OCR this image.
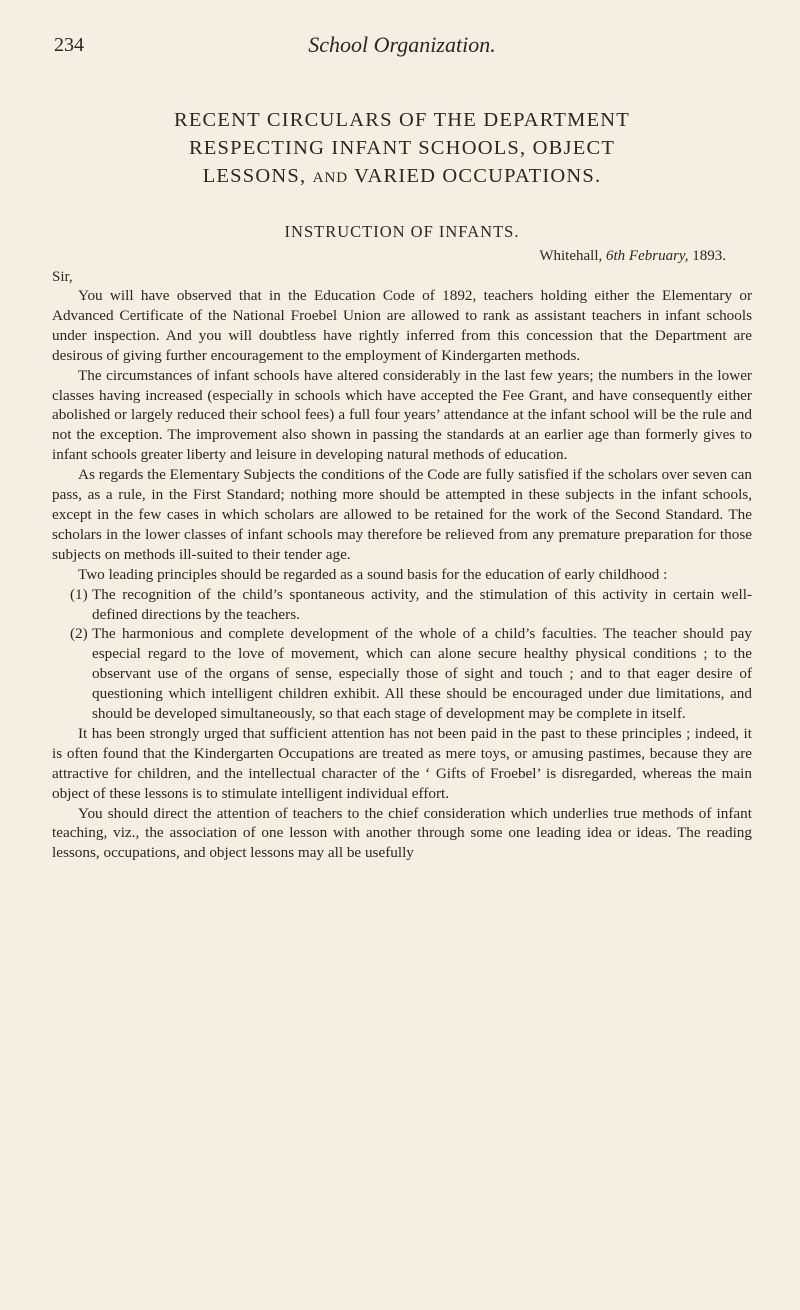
234	School Organization.
RECENT CIRCULARS OF THE DEPARTMENT
RESPECTING INFANT SCHOOLS, OBJECT
LESSONS, AND VARIED OCCUPATIONS.
INSTRUCTION OF INFANTS.
Whitehall, 6th February, 1893.
Sir,

You will have observed that in the Education Code of 1892, teachers holding either the Elementary or Advanced Certificate of the National Froebel Union are allowed to rank as assistant teachers in infant schools under inspection. And you will doubtless have rightly inferred from this concession that the Department are desirous of giving further encouragement to the employment of Kindergarten methods.

The circumstances of infant schools have altered considerably in the last few years; the numbers in the lower classes having increased (especially in schools which have accepted the Fee Grant, and have consequently either abolished or largely reduced their school fees) a full four years’ attendance at the infant school will be the rule and not the exception. The improvement also shown in passing the standards at an earlier age than formerly gives to infant schools greater liberty and leisure in developing natural methods of education.

As regards the Elementary Subjects the conditions of the Code are fully satisfied if the scholars over seven can pass, as a rule, in the First Standard; nothing more should be attempted in these subjects in the infant schools, except in the few cases in which scholars are allowed to be retained for the work of the Second Standard. The scholars in the lower classes of infant schools may therefore be relieved from any premature preparation for those subjects on methods ill-suited to their tender age.

Two leading principles should be regarded as a sound basis for the education of early childhood :

(1) The recognition of the child’s spontaneous activity, and the stimulation of this activity in certain well-defined directions by the teachers.
(2) The harmonious and complete development of the whole of a child’s faculties. The teacher should pay especial regard to the love of movement, which can alone secure healthy physical conditions ; to the observant use of the organs of sense, especially those of sight and touch ; and to that eager desire of questioning which intelligent children exhibit. All these should be encouraged under due limitations, and should be developed simultaneously, so that each stage of development may be complete in itself.

It has been strongly urged that sufficient attention has not been paid in the past to these principles ; indeed, it is often found that the Kindergarten Occupations are treated as mere toys, or amusing pastimes, because they are attractive for children, and the intellectual character of the ‘ Gifts of Froebel’ is disregarded, whereas the main object of these lessons is to stimulate intelligent individual effort.

You should direct the attention of teachers to the chief consideration which underlies true methods of infant teaching, viz., the association of one lesson with another through some one leading idea or ideas. The reading lessons, occupations, and object lessons may all be usefully
